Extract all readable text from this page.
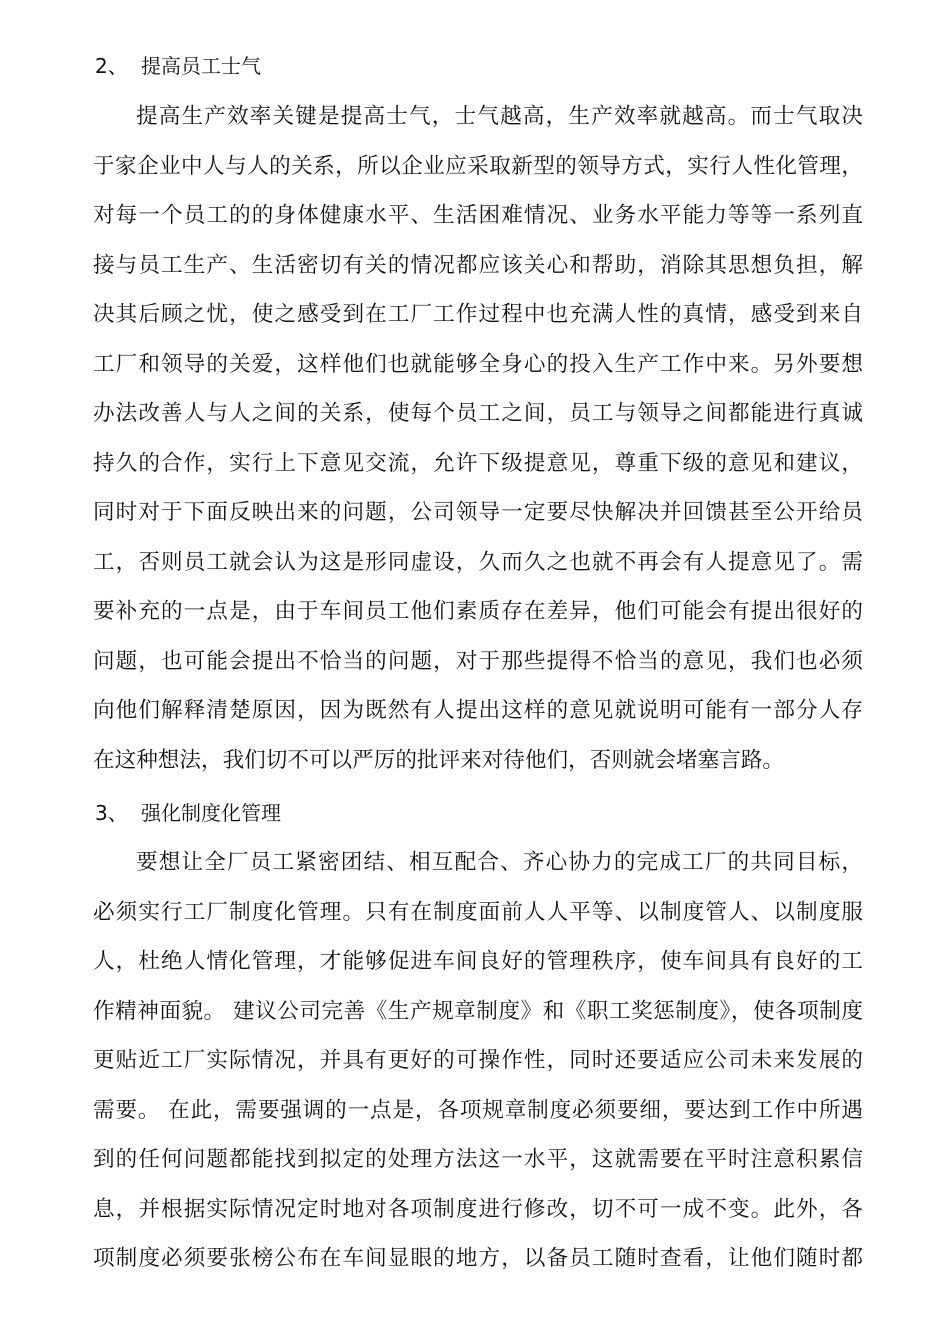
2、 提高员工士气
提高生产效率关键是提高士气，士气越高，生产效率就越高。而士气取决
于家企业中人与人的关系，所以企业应采取新型的领导方式，实行人性化管理，
对每一个员工的的身体健康水平、生活困难情况、业务水平能力等等一系列直
接与员工生产、生活密切有关的情况都应该关心和帮助，消除其思想负担，解
决其后顾之忧，使之感受到在工厂工作过程中也充满人性的真情，感受到来自
工厂和领导的关爱，这样他们也就能够全身心的投入生产工作中来。另外要想
办法改善人与人之间的关系，使每个员工之间，员工与领导之间都能进行真诚
持久的合作，实行上下意见交流，允许下级提意见，尊重下级的意见和建议，
同时对于下面反映出来的问题，公司领导一定要尽快解决并回馈甚至公开给员
工，否则员工就会认为这是形同虚设，久而久之也就不再会有人提意见了。需
要补充的一点是，由于车间员工他们素质存在差异，他们可能会有提出很好的
问题，也可能会提出不恰当的问题，对于那些提得不恰当的意见，我们也必须
向他们解释清楚原因，因为既然有人提出这样的意见就说明可能有一部分人存
在这种想法，我们切不可以严厉的批评来对待他们，否则就会堵塞言路。
3、 强化制度化管理
要想让全厂员工紧密团结、相互配合、齐心协力的完成工厂的共同目标，
必须实行工厂制度化管理。只有在制度面前人人平等、以制度管人、以制度服
人，杜绝人情化管理，才能够促进车间良好的管理秩序，使车间具有良好的工
作精神面貌。 建议公司完善《生产规章制度》和《职工奖惩制度》，使各项制度
更贴近工厂实际情况，并具有更好的可操作性，同时还要适应公司未来发展的
需要。 在此，需要强调的一点是，各项规章制度必须要细，要达到工作中所遇
到的任何问题都能找到拟定的处理方法这一水平，这就需要在平时注意积累信
息，并根据实际情况定时地对各项制度进行修改，切不可一成不变。此外，各
项制度必须要张榜公布在车间显眼的地方，以备员工随时查看，让他们随时都
